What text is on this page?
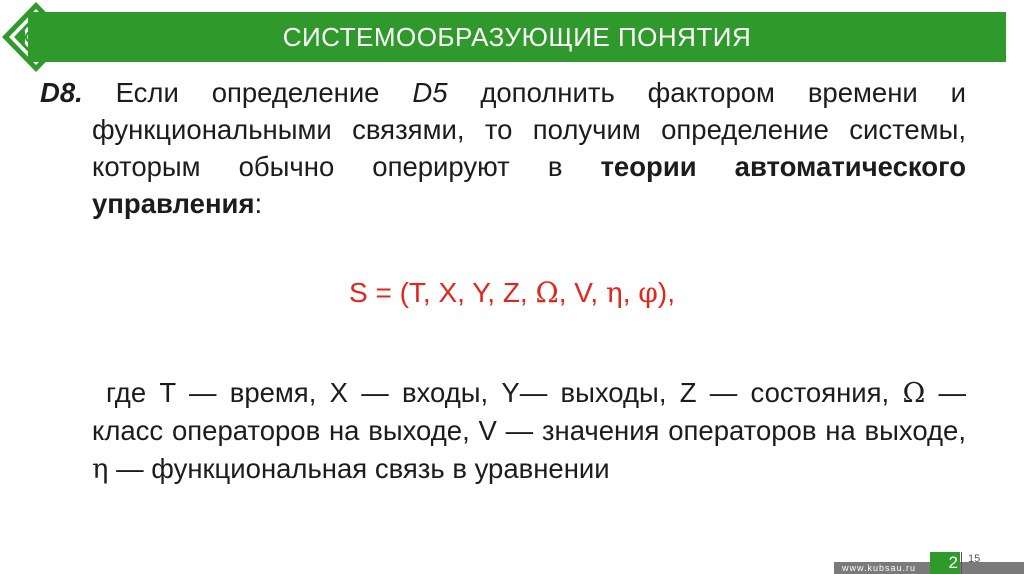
СИСТЕМООБРАЗУЮЩИЕ ПОНЯТИЯ
D8. Если определение D5 дополнить фактором времени и функциональными связями, то получим определение системы, которым обычно оперируют в теории автоматического управления:
S = (T, X, Y, Z, Ω, V, η, φ),
где T — время, X — входы, Y— выходы, Z — состояния, Ω — класс операторов на выходе, V — значения операторов на выходе, η — функциональная связь в уравнении
www.kubsau.ru	2 15
